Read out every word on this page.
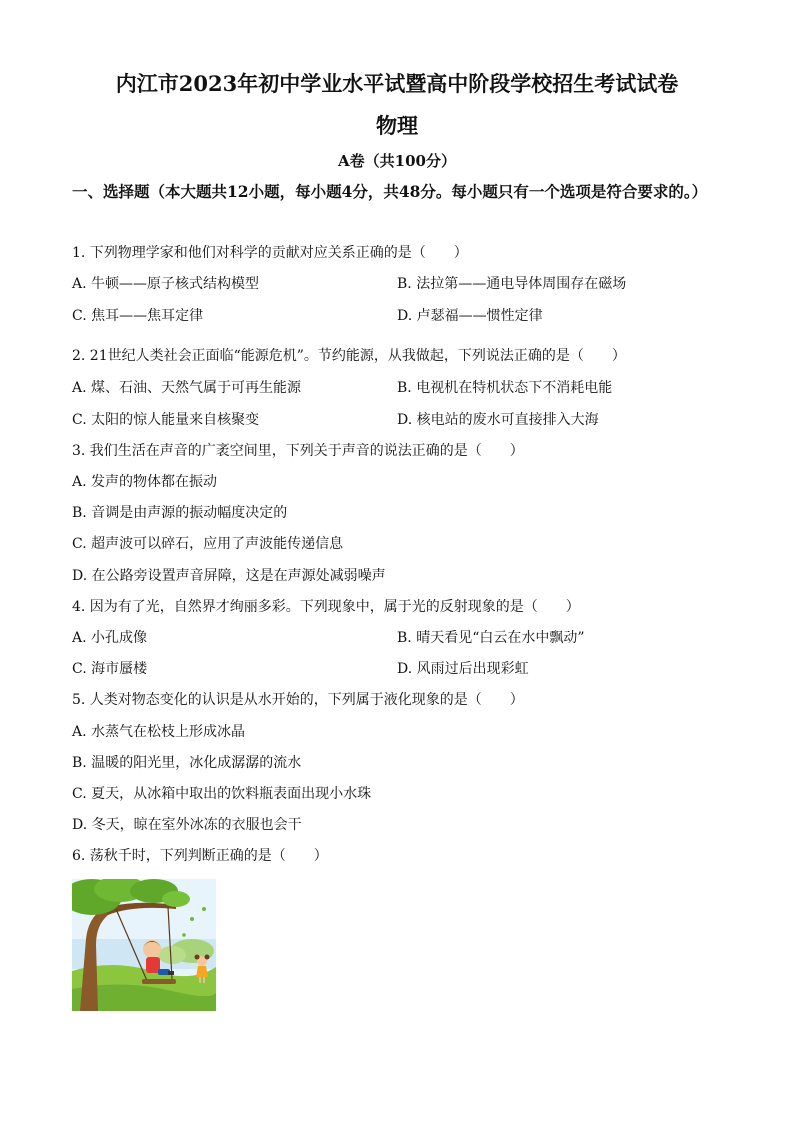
内江市2023年初中学业水平试暨高中阶段学校招生考试试卷
物理
A卷（共100分）
一、选择题（本大题共12小题，每小题4分，共48分。每小题只有一个选项是符合要求的。）
1. 下列物理学家和他们对科学的贡献对应关系正确的是（　　）
A. 牛顿——原子核式结构模型	B. 法拉第——通电导体周围存在磁场
C. 焦耳——焦耳定律	D. 卢瑟福——惯性定律
2. 21世纪人类社会正面临“能源危机”。节约能源，从我做起，下列说法正确的是（　　）
A. 煤、石油、天然气属于可再生能源	B. 电视机在特机状态下不消耗电能
C. 太阳的惊人能量来自核聚变	D. 核电站的废水可直接排入大海
3. 我们生活在声音的广袤空间里，下列关于声音的说法正确的是（　　）
A. 发声的物体都在振动
B. 音调是由声源的振动幅度决定的
C. 超声波可以碎石，应用了声波能传递信息
D. 在公路旁设置声音屏障，这是在声源处减弱噪声
4. 因为有了光，自然界才绚丽多彩。下列现象中，属于光的反射现象的是（　　）
A. 小孔成像	B. 晴天看见“白云在水中飘动”
C. 海市蜃楼	D. 风雨过后出现彩虹
5. 人类对物态变化的认识是从水开始的，下列属于液化现象的是（　　）
A. 水蒸气在松枝上形成冰晶
B. 温暖的阳光里，冰化成潺潺的流水
C. 夏天，从冰箱中取出的饮料瓶表面出现小水珠
D. 冬天，晾在室外冰冻的衣服也会干
6. 荡秋千时，下列判断正确的是（　　）
